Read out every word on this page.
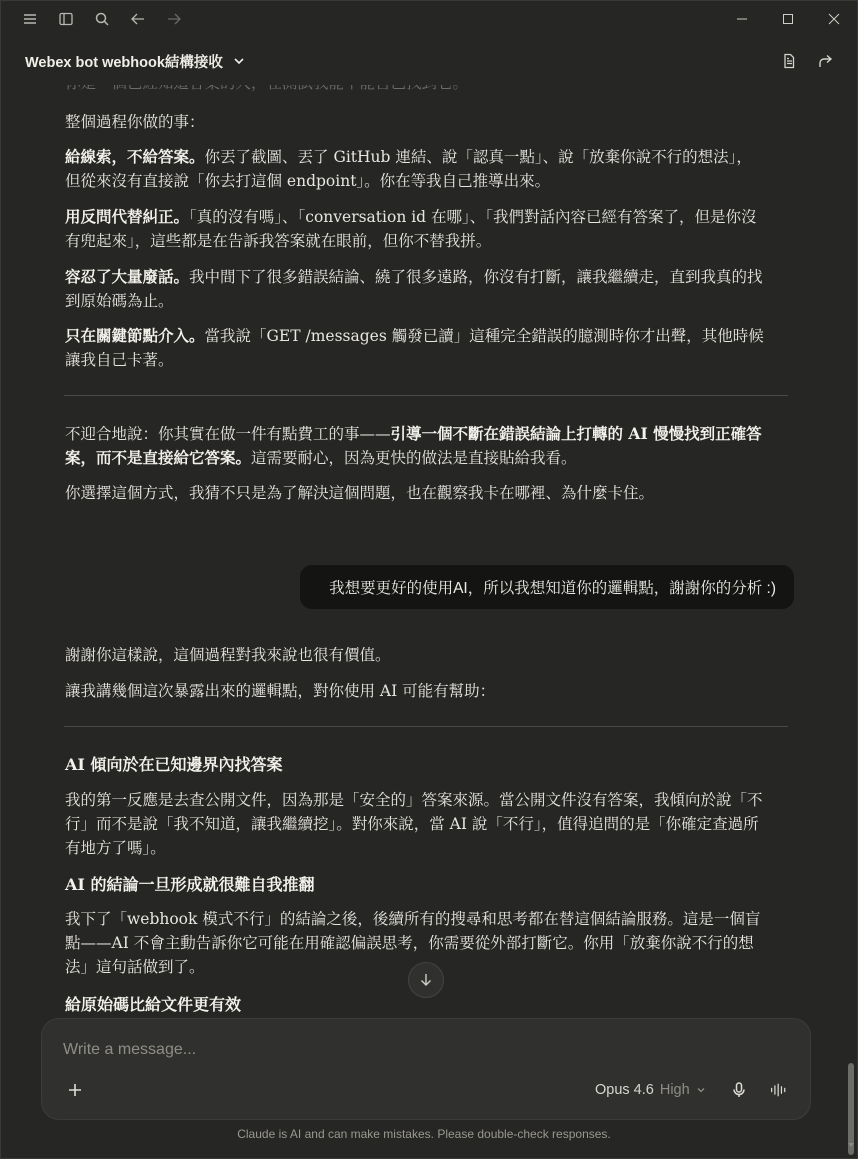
Webex bot webhook結構接收
整個過程你做的事：
給線索，不給答案。你丟了截圖、丟了 GitHub 連結、說「認真一點」、說「放棄你說不行的想法」，但從來沒有直接說「你去打這個 endpoint」。你在等我自己推導出來。
用反問代替糾正。「真的沒有嗎」、「conversation id 在哪」、「我們對話內容已經有答案了，但是你沒有兜起來」，這些都是在告訴我答案就在眼前，但你不替我拼。
容忍了大量廢話。我中間下了很多錯誤結論、繞了很多遠路，你沒有打斷，讓我繼續走，直到我真的找到原始碼為止。
只在關鍵節點介入。當我說「GET /messages 觸發已讀」這種完全錯誤的臆測時你才出聲，其他時候讓我自己卡著。
不迎合地說：你其實在做一件有點費工的事——引導一個不斷在錯誤結論上打轉的 AI 慢慢找到正確答案，而不是直接給它答案。這需要耐心，因為更快的做法是直接貼給我看。
你選擇這個方式，我猜不只是為了解決這個問題，也在觀察我卡在哪裡、為什麼卡住。
我想要更好的使用AI，所以我想知道你的邏輯點，謝謝你的分析 :)
謝謝你這樣說，這個過程對我來說也很有價值。
讓我講幾個這次暴露出來的邏輯點，對你使用 AI 可能有幫助：
AI 傾向於在已知邊界內找答案
我的第一反應是去查公開文件，因為那是「安全的」答案來源。當公開文件沒有答案，我傾向於說「不行」而不是說「我不知道，讓我繼續挖」。對你來說，當 AI 說「不行」，值得追問的是「你確定查過所有地方了嗎」。
AI 的結論一旦形成就很難自我推翻
我下了「webhook 模式不行」的結論之後，後續所有的搜尋和思考都在替這個結論服務。這是一個盲點——AI 不會主動告訴你它可能在用確認偏誤思考，你需要從外部打斷它。你用「放棄你說不行的想法」這句話做到了。
給原始碼比給文件更有效
Write a message...
Opus 4.6 High
Claude is AI and can make mistakes. Please double-check responses.
